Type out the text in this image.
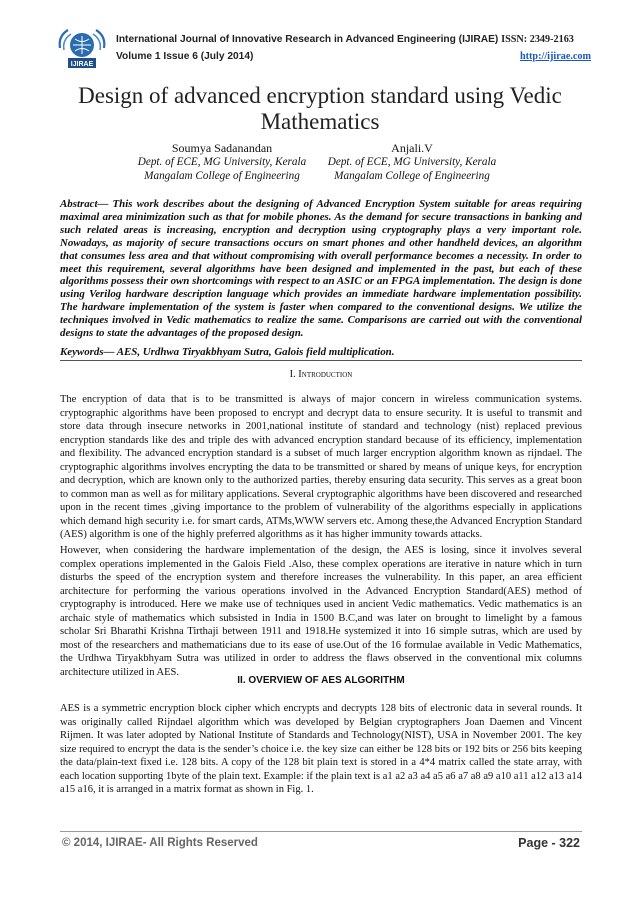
IJIRAE
International Journal of Innovative Research in Advanced Engineering (IJIRAE) ISSN: 2349-2163
Volume 1 Issue 6 (July 2014)	http://ijirae.com
Design of advanced encryption standard using Vedic Mathematics
Soumya Sadanandan
Dept. of ECE, MG University, Kerala
Mangalam College of Engineering
Anjali.V
Dept. of ECE, MG University, Kerala
Mangalam College of Engineering
Abstract— This work describes about the designing of Advanced Encryption System suitable for areas requiring maximal area minimization such as that for mobile phones. As the demand for secure transactions in banking and such related areas is increasing, encryption and decryption using cryptography plays a very important role. Nowadays, as majority of secure transactions occurs on smart phones and other handheld devices, an algorithm that consumes less area and that without compromising with overall performance becomes a necessity. In order to meet this requirement, several algorithms have been designed and implemented in the past, but each of these algorithms possess their own shortcomings with respect to an ASIC or an FPGA implementation. The design is done using Verilog hardware description language which provides an immediate hardware implementation possibility. The hardware implementation of the system is faster when compared to the conventional designs. We utilize the techniques involved in Vedic mathematics to realize the same. Comparisons are carried out with the conventional designs to state the advantages of the proposed design.
Keywords— AES, Urdhwa Tiryakbhyam Sutra, Galois field multiplication.
I. Introduction

The encryption of data that is to be transmitted is always of major concern in wireless communication systems. cryptographic algorithms have been proposed to encrypt and decrypt data to ensure security. It is useful to transmit and store data through insecure networks in 2001,national institute of standard and technology (nist) replaced previous encryption standards like des and triple des with advanced encryption standard because of its efficiency, implementation and flexibility. The advanced encryption standard is a subset of much larger encryption algorithm known as rijndael. The cryptographic algorithms involves encrypting the data to be transmitted or shared by means of unique keys, for encryption and decryption, which are known only to the authorized parties, thereby ensuring data security. This serves as a great boon to common man as well as for military applications. Several cryptographic algorithms have been discovered and researched upon in the recent times ,giving importance to the problem of vulnerability of the algorithms especially in applications which demand high security i.e. for smart cards, ATMs,WWW servers etc. Among these,the Advanced Encryption Standard (AES) algorithm is one of the highly preferred algorithms as it has higher immunity towards attacks.

However, when considering the hardware implementation of the design, the AES is losing, since it involves several complex operations implemented in the Galois Field .Also, these complex operations are iterative in nature which in turn disturbs the speed of the encryption system and therefore increases the vulnerability. In this paper, an area efficient architecture for performing the various operations involved in the Advanced Encryption Standard(AES) method of cryptography is introduced. Here we make use of techniques used in ancient Vedic mathematics. Vedic mathematics is an archaic style of mathematics which subsisted in India in 1500 B.C,and was later on brought to limelight by a famous scholar Sri Bharathi Krishna Tirthaji between 1911 and 1918.He systemized it into 16 simple sutras, which are used by most of the researchers and mathematicians due to its ease of use.Out of the 16 formulae available in Vedic Mathematics, the Urdhwa Tiryakbhyam Sutra was utilized in order to address the flaws observed in the conventional mix columns architecture utilized in AES.

II. OVERVIEW OF AES ALGORITHM

AES is a symmetric encryption block cipher which encrypts and decrypts 128 bits of electronic data in several rounds. It was originally called Rijndael algorithm which was developed by Belgian cryptographers Joan Daemen and Vincent Rijmen. It was later adopted by National Institute of Standards and Technology(NIST), USA in November 2001. The key size required to encrypt the data is the sender’s choice i.e. the key size can either be 128 bits or 192 bits or 256 bits keeping the data/plain-text fixed i.e. 128 bits. A copy of the 128 bit plain text is stored in a 4*4 matrix called the state array, with each location supporting 1byte of the plain text. Example: if the plain text is a1 a2 a3 a4 a5 a6 a7 a8 a9 a10 a11 a12 a13 a14 a15 a16, it is arranged in a matrix format as shown in Fig. 1.

© 2014, IJIRAE- All Rights Reserved	Page - 322
